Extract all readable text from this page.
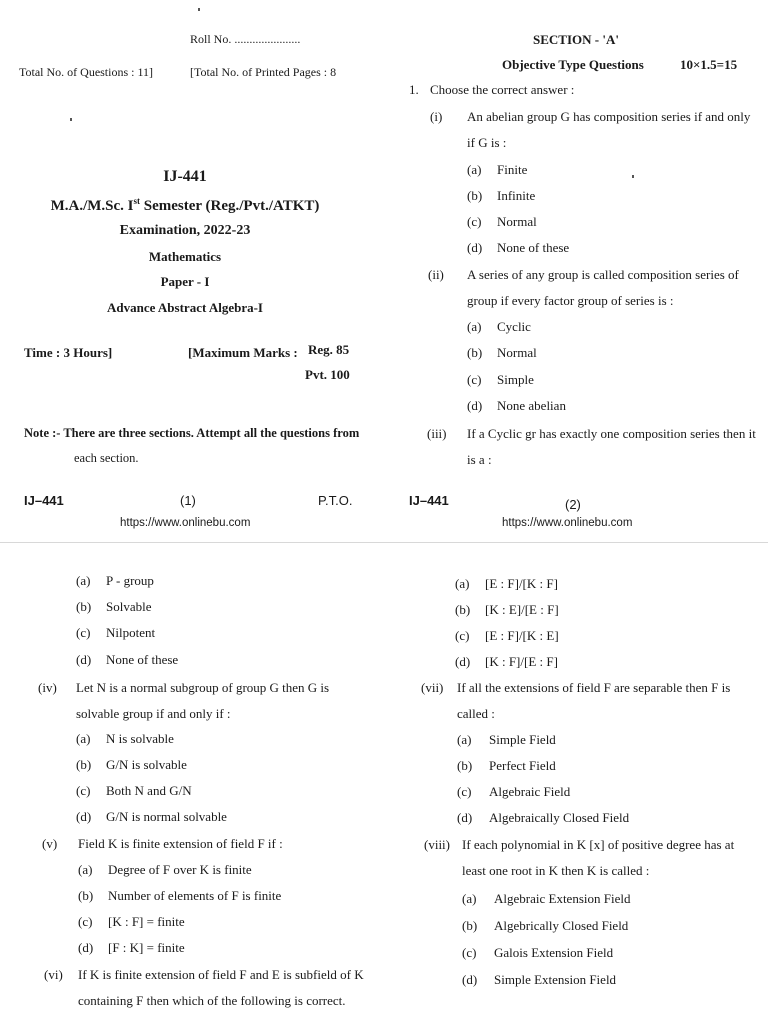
Roll No. ......................
Total No. of Questions : 11]	[Total No. of Printed Pages : 8
IJ-441
M.A./M.Sc. Ist Semester (Reg./Pvt./ATKT)
Examination, 2022-23
Mathematics
Paper - I
Advance Abstract Algebra-I
Time : 3 Hours]	[Maximum Marks : Reg. 85
Pvt. 100
Note :- There are three sections. Attempt all the questions from
each section.
IJ–441	(1)	P.T.O.
https://www.onlinebu.com
SECTION - 'A'
Objective Type Questions	10×1.5=15
1. Choose the correct answer :
(i) An abelian group G has composition series if and only
if G is :
(a) Finite
(b) Infinite
(c) Normal
(d) None of these
(ii) A series of any group is called composition series of
group if every factor group of series is :
(a) Cyclic
(b) Normal
(c) Simple
(d) None abelian
(iii) If a Cyclic gr has exactly one composition series then it
is a :
IJ–441	(2)
https://www.onlinebu.com
(a) P - group
(b) Solvable
(c) Nilpotent
(d) None of these
(iv) Let N is a normal subgroup of group G then G is
solvable group if and only if :
(a) N is solvable
(b) G/N is solvable
(c) Both N and G/N
(d) G/N is normal solvable
(v) Field K is finite extension of field F if :
(a) Degree of F over K is finite
(b) Number of elements of F is finite
(c) [K : F] = finite
(d) [F : K] = finite
(vi) If K is finite extension of field F and E is subfield of K
containing F then which of the following is correct.
(a) [E : F]/[K : F]
(b) [K : E]/[E : F]
(c) [E : F]/[K : E]
(d) [K : F]/[E : F]
(vii) If all the extensions of field F are separable then F is
called :
(a) Simple Field
(b) Perfect Field
(c) Algebraic Field
(d) Algebraically Closed Field
(viii) If each polynomial in K [x] of positive degree has at
least one root in K then K is called :
(a) Algebraic Extension Field
(b) Algebrically Closed Field
(c) Galois Extension Field
(d) Simple Extension Field
